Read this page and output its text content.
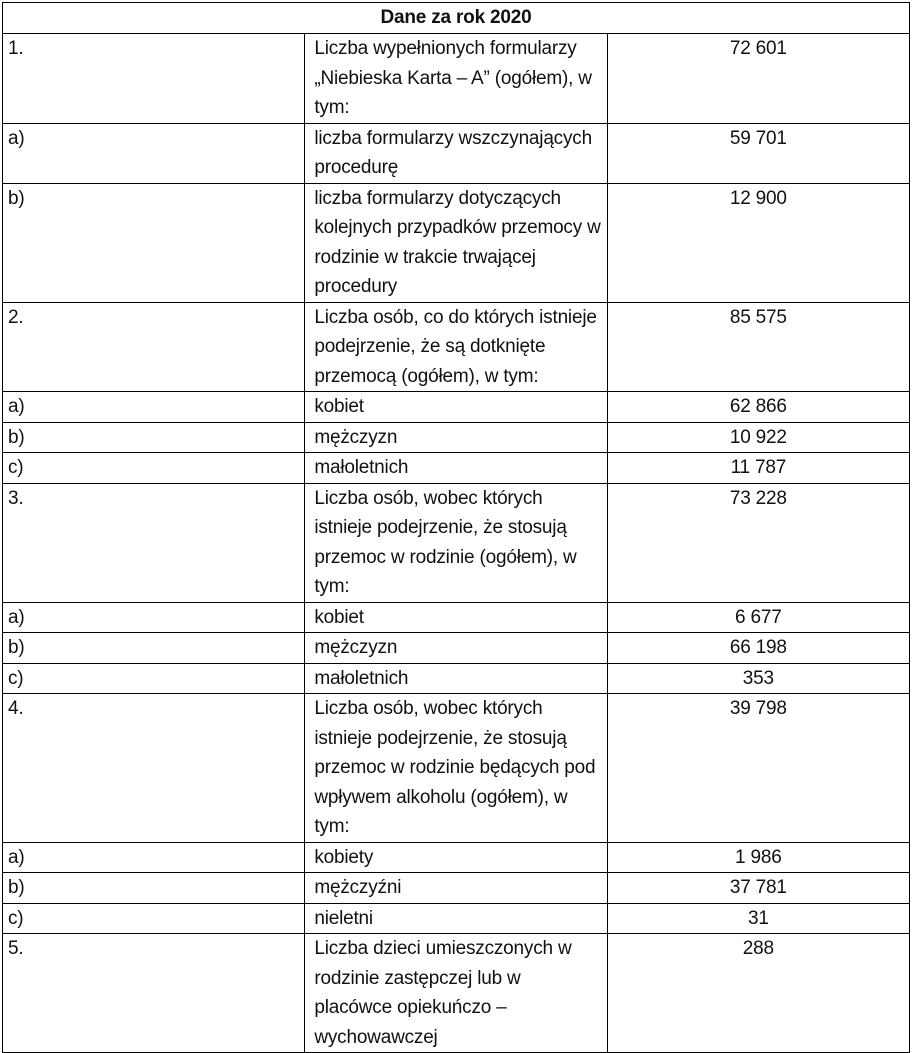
Dane za rok 2020		
1.	Liczba wypełnionych formularzy „Niebieska Karta – A” (ogółem), w tym:	72 601
a)	liczba formularzy wszczynających procedurę	59 701
b)	liczba formularzy dotyczących kolejnych przypadków przemocy w rodzinie w trakcie trwającej procedury	12 900
2.	Liczba osób, co do których istnieje podejrzenie, że są dotknięte przemocą (ogółem), w tym:	85 575
a)	kobiet	62 866
b)	mężczyzn	10 922
c)	małoletnich	11 787
3.	Liczba osób, wobec których istnieje podejrzenie, że stosują przemoc w rodzinie (ogółem), w tym:	73 228
a)	kobiet	6 677
b)	mężczyzn	66 198
c)	małoletnich	353
4.	Liczba osób, wobec których istnieje podejrzenie, że stosują przemoc w rodzinie będących pod wpływem alkoholu (ogółem), w tym:	39 798
a)	kobiety	1 986
b)	mężczyźni	37 781
c)	nieletni	31
5.	Liczba dzieci umieszczonych w rodzinie zastępczej lub w placówce opiekuńczo – wychowawczej	288
